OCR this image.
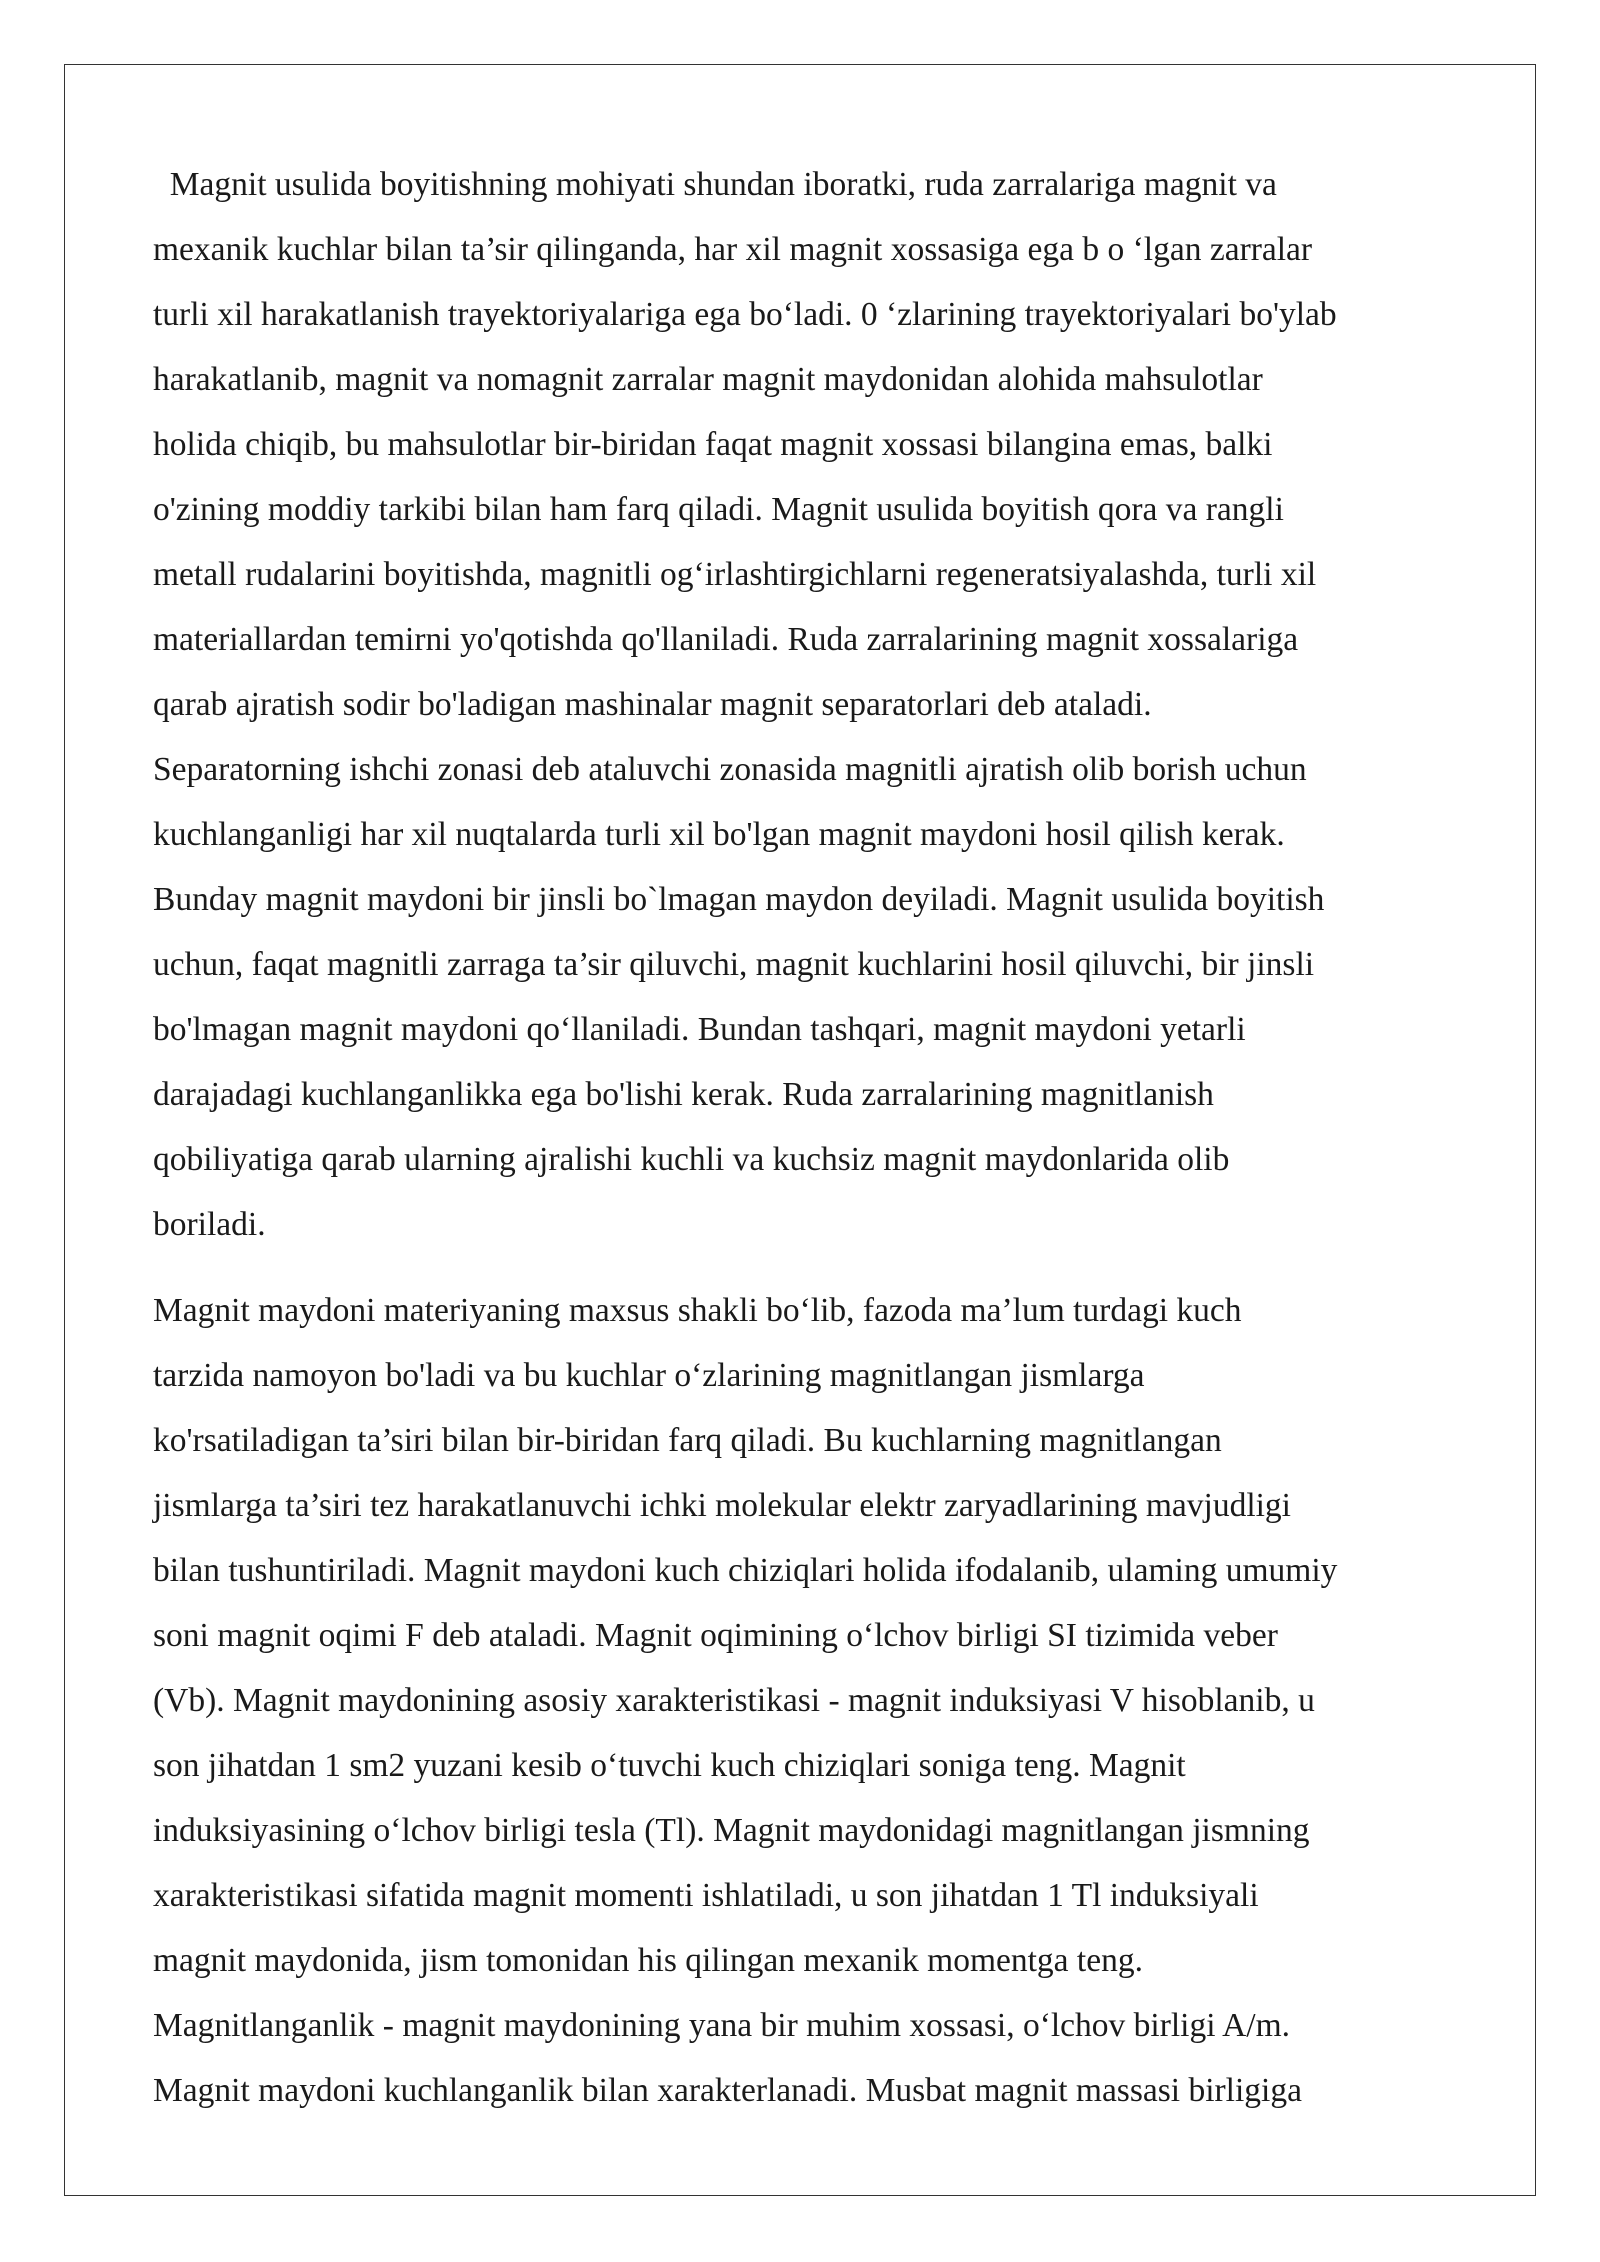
Magnit usulida boyitishning mohiyati shundan iboratki, ruda zarralariga magnit va
mexanik kuchlar bilan ta’sir qilinganda, har xil magnit xossasiga ega b o ‘lgan zarralar
turli xil harakatlanish trayektoriyalariga ega bo‘ladi. 0 ‘zlarining trayektoriyalari bo'ylab
harakatlanib, magnit va nomagnit zarralar magnit maydonidan alohida mahsulotlar
holida chiqib, bu mahsulotlar bir-biridan faqat magnit xossasi bilangina emas, balki
o'zining moddiy tarkibi bilan ham farq qiladi. Magnit usulida boyitish qora va rangli
metall rudalarini boyitishda, magnitli og‘irlashtirgichlarni regeneratsiyalashda, turli xil
materiallardan temirni yo'qotishda qo'llaniladi. Ruda zarralarining magnit xossalariga
qarab ajratish sodir bo'ladigan mashinalar magnit separatorlari deb ataladi.
Separatorning ishchi zonasi deb ataluvchi zonasida magnitli ajratish olib borish uchun
kuchlanganligi har xil nuqtalarda turli xil bo'lgan magnit maydoni hosil qilish kerak.
Bunday magnit maydoni bir jinsli bo`lmagan maydon deyiladi. Magnit usulida boyitish
uchun, faqat magnitli zarraga ta’sir qiluvchi, magnit kuchlarini hosil qiluvchi, bir jinsli
bo'lmagan magnit maydoni qo‘llaniladi. Bundan tashqari, magnit maydoni yetarli
darajadagi kuchlanganlikka ega bo'lishi kerak. Ruda zarralarining magnitlanish
qobiliyatiga qarab ularning ajralishi kuchli va kuchsiz magnit maydonlarida olib
boriladi.

Magnit maydoni materiyaning maxsus shakli bo‘lib, fazoda ma’lum turdagi kuch
tarzida namoyon bo'ladi va bu kuchlar o‘zlarining magnitlangan jismlarga
ko'rsatiladigan ta’siri bilan bir-biridan farq qiladi. Bu kuchlarning magnitlangan
jismlarga ta’siri tez harakatlanuvchi ichki molekular elektr zaryadlarining mavjudligi
bilan tushuntiriladi. Magnit maydoni kuch chiziqlari holida ifodalanib, ulaming umumiy
soni magnit oqimi F deb ataladi. Magnit oqimining o‘lchov birligi SI tizimida veber
(Vb). Magnit maydonining asosiy xarakteristikasi - magnit induksiyasi V hisoblanib, u
son jihatdan 1 sm2 yuzani kesib o‘tuvchi kuch chiziqlari soniga teng. Magnit
induksiyasining o‘lchov birligi tesla (Tl). Magnit maydonidagi magnitlangan jismning
xarakteristikasi sifatida magnit momenti ishlatiladi, u son jihatdan 1 Tl induksiyali
magnit maydonida, jism tomonidan his qilingan mexanik momentga teng.
Magnitlanganlik - magnit maydonining yana bir muhim xossasi, o‘lchov birligi A/m.
Magnit maydoni kuchlanganlik bilan xarakterlanadi. Musbat magnit massasi birligiga
